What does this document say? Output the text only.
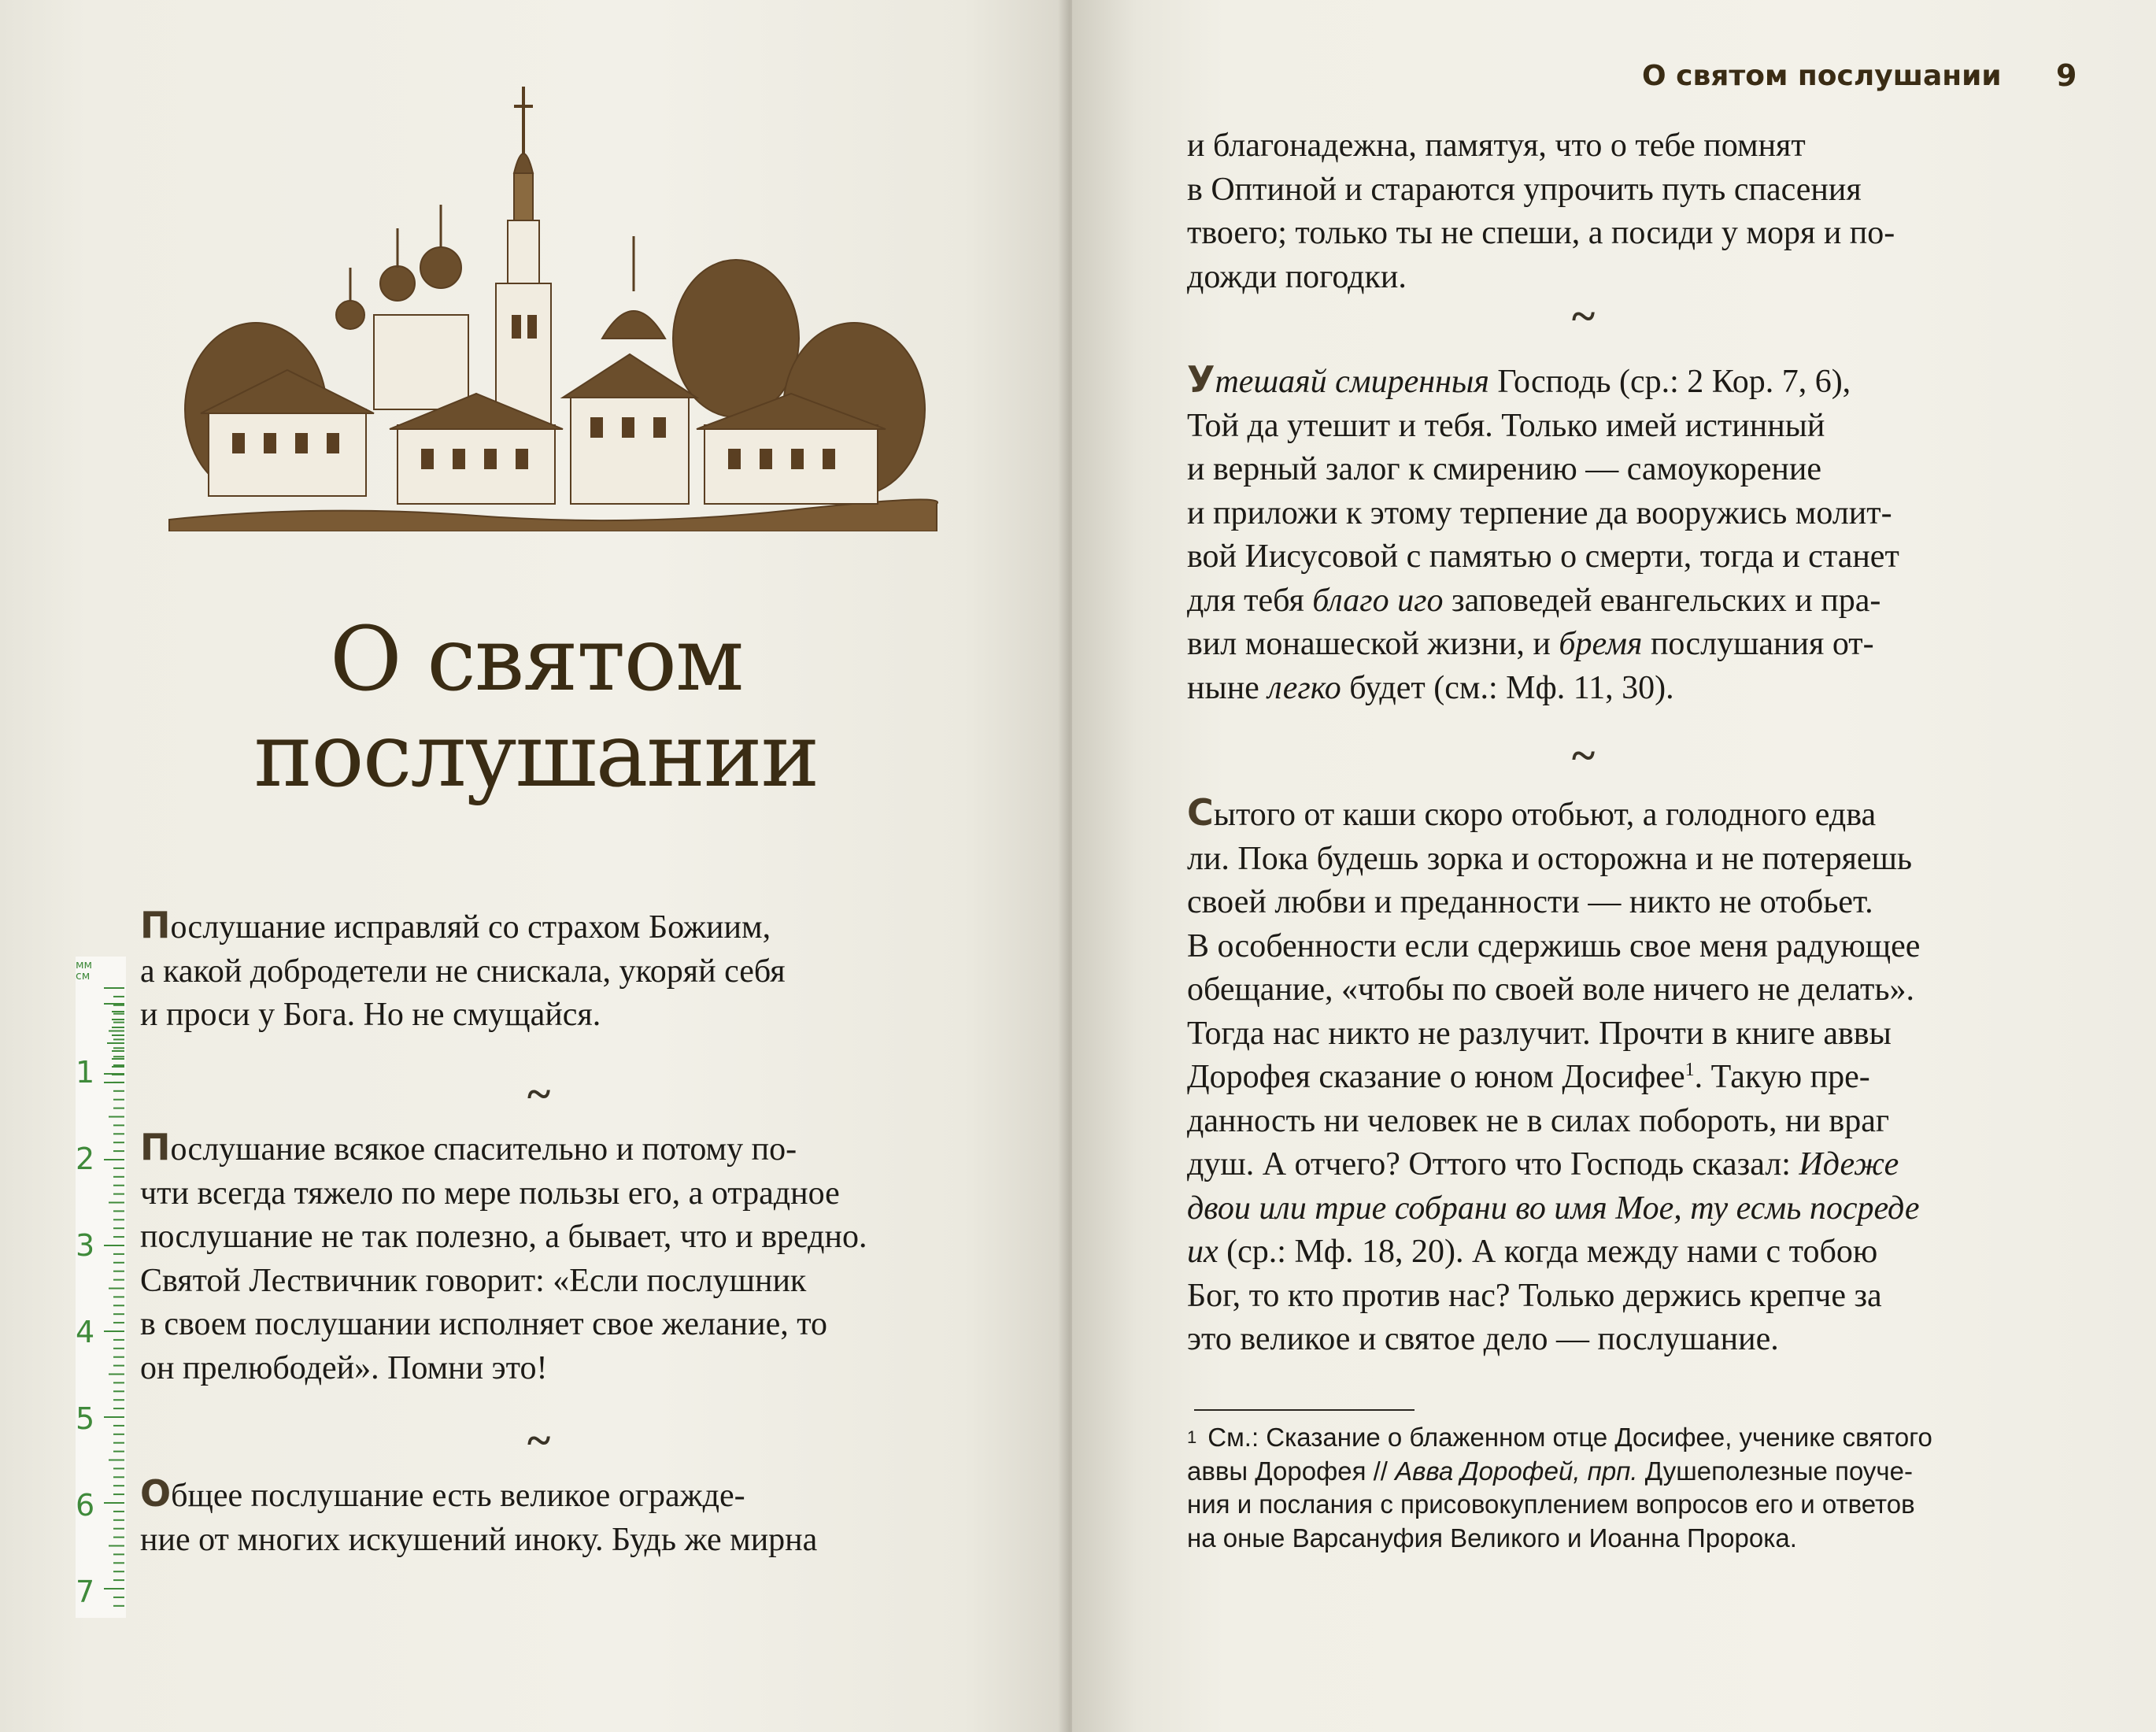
О святом
послушании

Послушание исправляй со страхом Божиим,

а какой добродетели не снискала, укоряй себя

и проси у Бога. Но не смущайся.

~

Послушание всякое спасительно и потому по-

чти всегда тяжело по мере пользы его, а отрадное

послушание не так полезно, а бывает, что и вредно.

Святой Лествичник говорит: «Если послушник

в своем послушании исполняет свое желание, то

он прелюбодей». Помни это!

~

Общее послушание есть великое огражде-

ние от многих искушений иноку. Будь же мирна

мм
см
1
2
3
4
5
6
7
О святом послушании 9

и благонадежна, памятуя, что о тебе помнят

в Оптиной и стараются упрочить путь спасения

твоего; только ты не спеши, а посиди у моря и по-

дожди погодки.

~

Утешаяй смиренныя Господь (ср.: 2 Кор. 7, 6),

Той да утешит и тебя. Только имей истинный

и верный залог к смирению — самоукорение

и приложи к этому терпение да вооружись молит-

вой Иисусовой с памятью о смерти, тогда и станет

для тебя благо иго заповедей евангельских и пра-

вил монашеской жизни, и бремя послушания от-

ныне легко будет (см.: Мф. 11, 30).

~

Сытого от каши скоро отобьют, а голодного едва

ли. Пока будешь зорка и осторожна и не потеряешь

своей любви и преданности — никто не отобьет.

В особенности если сдержишь свое меня радующее

обещание, «чтобы по своей воле ничего не делать».

Тогда нас никто не разлучит. Прочти в книге аввы

Дорофея сказание о юном Досифее$^1$. Такую пре-

данность ни человек не в силах побороть, ни враг

душ. А отчего? Оттого что Господь сказал: Идеже

двои или трие собрани во имя Мое, ту есмь посреде

их (ср.: Мф. 18, 20). А когда между нами с тобою

Бог, то кто против нас? Только держись крепче за

это великое и святое дело — послушание.

$^1$ См.: Сказание о блаженном отце Досифее, ученике святого
аввы Дорофея // Авва Дорофей, прп. Душеполезные поуче-
ния и послания с присовокуплением вопросов его и ответов
на оные Варсануфия Великого и Иоанна Пророка.
